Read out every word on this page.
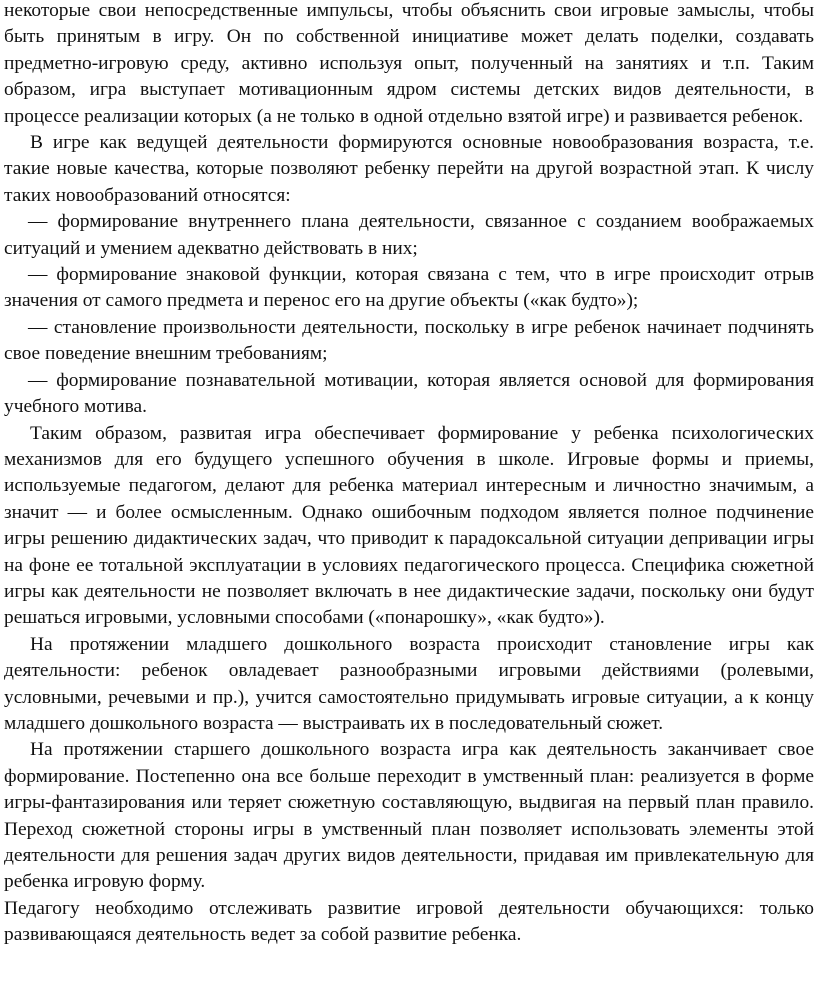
некоторые свои непосредственные импульсы, чтобы объяснить свои игровые замыслы, чтобы быть принятым в игру. Он по собственной инициативе может делать поделки, создавать предметно-игровую среду, активно используя опыт, полученный на занятиях и т.п. Таким образом, игра выступает мотивационным ядром системы детских видов деятельности, в процессе реализации которых (а не только в одной отдельно взятой игре) и развивается ребенок.

В игре как ведущей деятельности формируются основные новообразования возраста, т.е. такие новые качества, которые позволяют ребенку перейти на другой возрастной этап. К числу таких новообразований относятся:

— формирование внутреннего плана деятельности, связанное с созданием воображаемых ситуаций и умением адекватно действовать в них;

— формирование знаковой функции, которая связана с тем, что в игре происходит отрыв значения от самого предмета и перенос его на другие объекты («как будто»);

— становление произвольности деятельности, поскольку в игре ребенок начинает подчинять свое поведение внешним требованиям;

— формирование познавательной мотивации, которая является основой для формирования учебного мотива.

Таким образом, развитая игра обеспечивает формирование у ребенка психологических механизмов для его будущего успешного обучения в школе. Игровые формы и приемы, используемые педагогом, делают для ребенка материал интересным и личностно значимым, а значит — и более осмысленным. Однако ошибочным подходом является полное подчинение игры решению дидактических задач, что приводит к парадоксальной ситуации депривации игры на фоне ее тотальной эксплуатации в условиях педагогического процесса. Специфика сюжетной игры как деятельности не позволяет включать в нее дидактические задачи, поскольку они будут решаться игровыми, условными способами («понарошку», «как будто»).

На протяжении младшего дошкольного возраста происходит становление игры как деятельности: ребенок овладевает разнообразными игровыми действиями (ролевыми, условными, речевыми и пр.), учится самостоятельно придумывать игровые ситуации, а к концу младшего дошкольного возраста — выстраивать их в последовательный сюжет.

На протяжении старшего дошкольного возраста игра как деятельность заканчивает свое формирование. Постепенно она все больше переходит в умственный план: реализуется в форме игры-фантазирования или теряет сюжетную составляющую, выдвигая на первый план правило. Переход сюжетной стороны игры в умственный план позволяет использовать элементы этой деятельности для решения задач других видов деятельности, придавая им привлекательную для ребенка игровую форму.

Педагогу необходимо отслеживать развитие игровой деятельности обучающихся: только развивающаяся деятельность ведет за собой развитие ребенка.
